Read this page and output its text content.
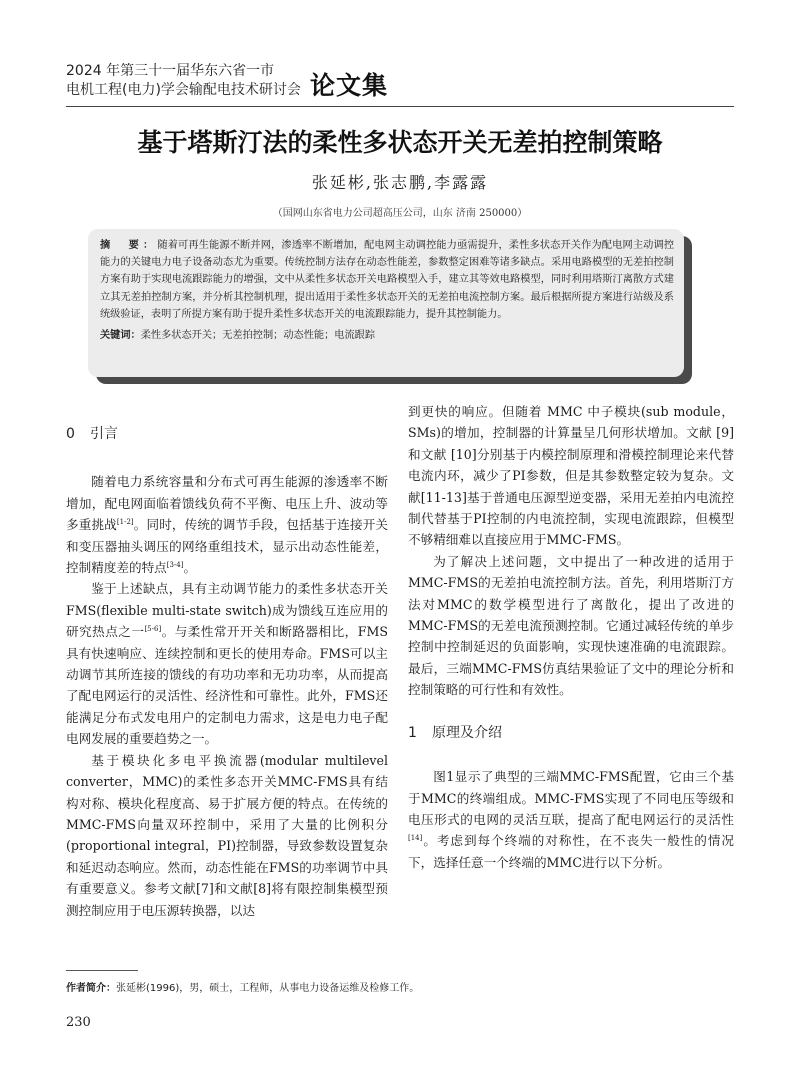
2024 年第三十一届华东六省一市
电机工程(电力)学会输配电技术研讨会 论文集
基于塔斯汀法的柔性多状态开关无差拍控制策略
张延彬,张志鹏,李露露
（国网山东省电力公司超高压公司，山东 济南 250000）
摘　要：随着可再生能源不断并网，渗透率不断增加，配电网主动调控能力亟需提升，柔性多状态开关作为配电网主动调控能力的关键电力电子设备动态尤为重要。传统控制方法存在动态性能差，参数整定困难等诸多缺点。采用电路模型的无差拍控制方案有助于实现电流跟踪能力的增强，文中从柔性多状态开关电路模型入手，建立其等效电路模型，同时利用塔斯汀离散方式建立其无差拍控制方案，并分析其控制机理，提出适用于柔性多状态开关的无差拍电流控制方案。最后根据所提方案进行站级及系统级验证，表明了所提方案有助于提升柔性多状态开关的电流跟踪能力，提升其控制能力。
关键词：柔性多状态开关；无差拍控制；动态性能；电流跟踪
0 引言

随着电力系统容量和分布式可再生能源的渗透率不断增加，配电网面临着馈线负荷不平衡、电压上升、波动等多重挑战[1-2]。同时，传统的调节手段，包括基于连接开关和变压器抽头调压的网络重组技术，显示出动态性能差，控制精度差的特点[3-4]。

鉴于上述缺点，具有主动调节能力的柔性多状态开关 FMS(flexible multi-state switch)成为馈线互连应用的研究热点之一[5-6]。与柔性常开开关和断路器相比，FMS具有快速响应、连续控制和更长的使用寿命。FMS可以主动调节其所连接的馈线的有功功率和无功功率，从而提高了配电网运行的灵活性、经济性和可靠性。此外，FMS还能满足分布式发电用户的定制电力需求，这是电力电子配电网发展的重要趋势之一。

基于模块化多电平换流器(modular multilevel converter，MMC)的柔性多态开关MMC-FMS具有结构对称、模块化程度高、易于扩展方便的特点。在传统的MMC-FMS向量双环控制中，采用了大量的比例积分(proportional integral，PI)控制器，导致参数设置复杂和延迟动态响应。然而，动态性能在FMS的功率调节中具有重要意义。参考文献[7]和文献[8]将有限控制集模型预测控制应用于电压源转换器，以达

到更快的响应。但随着 MMC 中子模块(sub module，SMs)的增加，控制器的计算量呈几何形状增加。文献 [9] 和文献 [10]分别基于内模控制原理和滑模控制理论来代替电流内环，减少了PI参数，但是其参数整定较为复杂。文献[11-13]基于普通电压源型逆变器，采用无差拍内电流控制代替基于PI控制的内电流控制，实现电流跟踪，但模型不够精细难以直接应用于MMC-FMS。

为了解决上述问题，文中提出了一种改进的适用于MMC-FMS的无差拍电流控制方法。首先，利用塔斯汀方法对MMC的数学模型进行了离散化，提出了改进的MMC-FMS的无差电流预测控制。它通过减轻传统的单步控制中控制延迟的负面影响，实现快速准确的电流跟踪。最后，三端MMC-FMS仿真结果验证了文中的理论分析和控制策略的可行性和有效性。

1 原理及介绍

图1显示了典型的三端MMC-FMS配置，它由三个基于MMC的终端组成。MMC-FMS实现了不同电压等级和电压形式的电网的灵活互联，提高了配电网运行的灵活性[14]。考虑到每个终端的对称性，在不丧失一般性的情况下，选择任意一个终端的MMC进行以下分析。

作者简介：张延彬(1996)，男，硕士，工程师，从事电力设备运维及检修工作。
230
